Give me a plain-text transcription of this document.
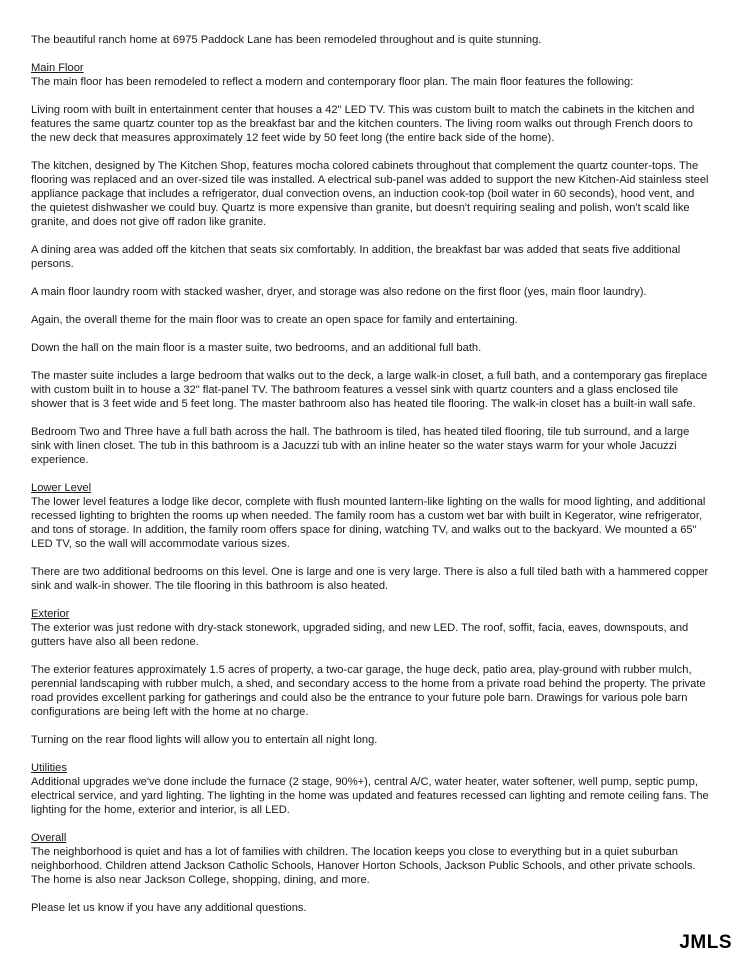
The beautiful ranch home at 6975 Paddock Lane has been remodeled throughout and is quite stunning.

Main Floor

The main floor has been remodeled to reflect a modern and contemporary floor plan. The main floor features the following:

Living room with built in entertainment center that houses a 42" LED TV. This was custom built to match the cabinets in the kitchen and features the same quartz counter top as the breakfast bar and the kitchen counters. The living room walks out through French doors to the new deck that measures approximately 12 feet wide by 50 feet long (the entire back side of the home).

The kitchen, designed by The Kitchen Shop, features mocha colored cabinets throughout that complement the quartz counter-tops. The flooring was replaced and an over-sized tile was installed. A electrical sub-panel was added to support the new Kitchen-Aid stainless steel appliance package that includes a refrigerator, dual convection ovens, an induction cook-top (boil water in 60 seconds), hood vent, and the quietest dishwasher we could buy. Quartz is more expensive than granite, but doesn't requiring sealing and polish, won't scald like granite, and does not give off radon like granite.

A dining area was added off the kitchen that seats six comfortably. In addition, the breakfast bar was added that seats five additional persons.

A main floor laundry room with stacked washer, dryer, and storage was also redone on the first floor (yes, main floor laundry).

Again, the overall theme for the main floor was to create an open space for family and entertaining.

Down the hall on the main floor is a master suite, two bedrooms, and an additional full bath.

The master suite includes a large bedroom that walks out to the deck, a large walk-in closet, a full bath, and a contemporary gas fireplace with custom built in to house a 32" flat-panel TV. The bathroom features a vessel sink with quartz counters and a glass enclosed tile shower that is 3 feet wide and 5 feet long. The master bathroom also has heated tile flooring. The walk-in closet has a built-in wall safe.

Bedroom Two and Three have a full bath across the hall. The bathroom is tiled, has heated tiled flooring, tile tub surround, and a large sink with linen closet. The tub in this bathroom is a Jacuzzi tub with an inline heater so the water stays warm for your whole Jacuzzi experience.

Lower Level

The lower level features a lodge like decor, complete with flush mounted lantern-like lighting on the walls for mood lighting, and additional recessed lighting to brighten the rooms up when needed. The family room has a custom wet bar with built in Kegerator, wine refrigerator, and tons of storage. In addition, the family room offers space for dining, watching TV, and walks out to the backyard. We mounted a 65" LED TV, so the wall will accommodate various sizes.

There are two additional bedrooms on this level. One is large and one is very large. There is also a full tiled bath with a hammered copper sink and walk-in shower. The tile flooring in this bathroom is also heated.

Exterior

The exterior was just redone with dry-stack stonework, upgraded siding, and new LED. The roof, soffit, facia, eaves, downspouts, and gutters have also all been redone.

The exterior features approximately 1.5 acres of property, a two-car garage, the huge deck, patio area, play-ground with rubber mulch, perennial landscaping with rubber mulch, a shed, and secondary access to the home from a private road behind the property. The private road provides excellent parking for gatherings and could also be the entrance to your future pole barn. Drawings for various pole barn configurations are being left with the home at no charge.

Turning on the rear flood lights will allow you to entertain all night long.

Utilities

Additional upgrades we've done include the furnace (2 stage, 90%+), central A/C, water heater, water softener, well pump, septic pump, electrical service, and yard lighting. The lighting in the home was updated and features recessed can lighting and remote ceiling fans. The lighting for the home, exterior and interior, is all LED.

Overall

The neighborhood is quiet and has a lot of families with children. The location keeps you close to everything but in a quiet suburban neighborhood. Children attend Jackson Catholic Schools, Hanover Horton Schools, Jackson Public Schools, and other private schools. The home is also near Jackson College, shopping, dining, and more.

Please let us know if you have any additional questions.

JMLS
